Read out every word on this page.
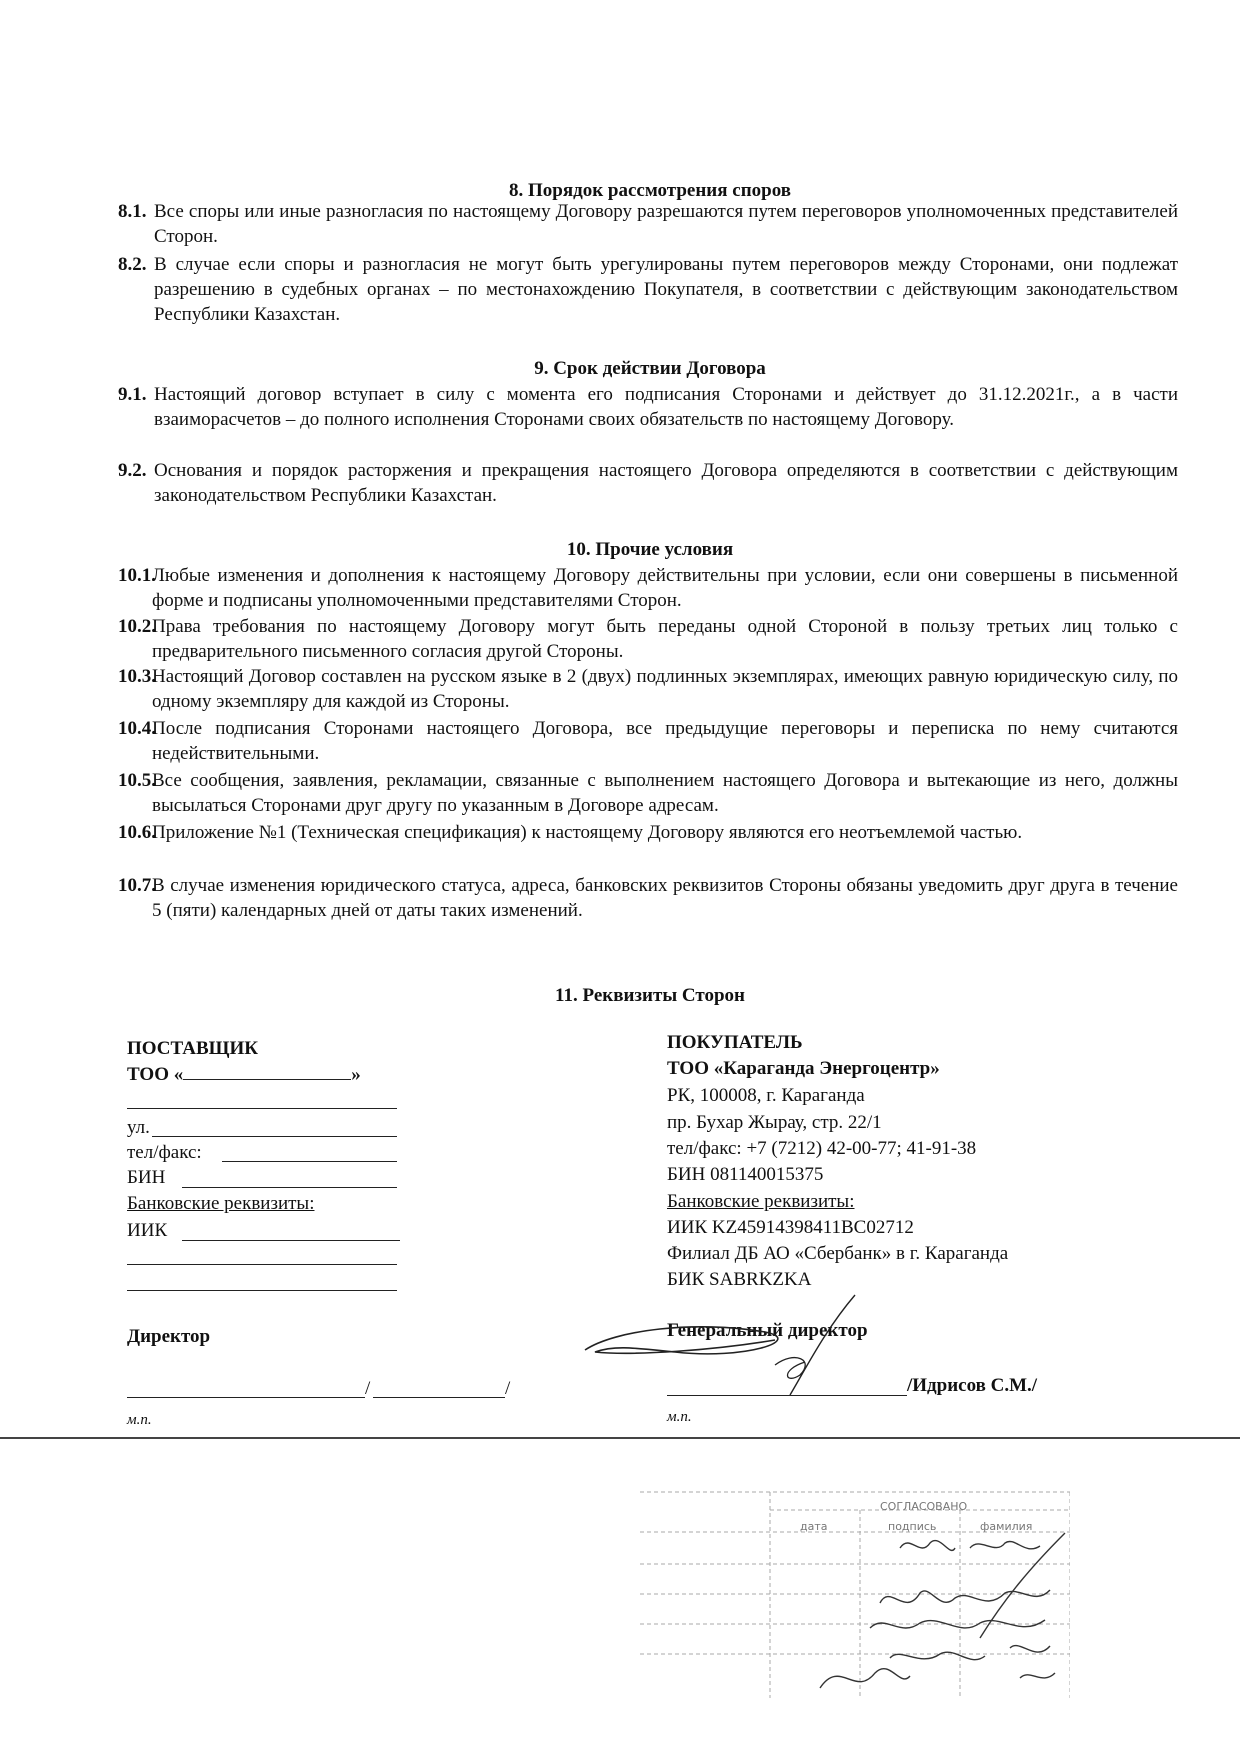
8. Порядок рассмотрения споров
8.1. Все споры или иные разногласия по настоящему Договору разрешаются путем переговоров уполномоченных представителей Сторон.
8.2. В случае если споры и разногласия не могут быть урегулированы путем переговоров между Сторонами, они подлежат разрешению в судебных органах – по местонахождению Покупателя, в соответствии с действующим законодательством Республики Казахстан.
9. Срок действии Договора
9.1. Настоящий договор вступает в силу с момента его подписания Сторонами и действует до 31.12.2021г., а в части взаиморасчетов – до полного исполнения Сторонами своих обязательств по настоящему Договору.
9.2. Основания и порядок расторжения и прекращения настоящего Договора определяются в соответствии с действующим законодательством Республики Казахстан.
10. Прочие условия
10.1.
Любые изменения и дополнения к настоящему Договору действительны при условии, если они совершены в письменной форме и подписаны уполномоченными представителями Сторон.
10.2.
Права требования по настоящему Договору могут быть переданы одной Стороной в пользу третьих лиц только с предварительного письменного согласия другой Стороны.
10.3.
Настоящий Договор составлен на русском языке в 2 (двух) подлинных экземплярах, имеющих равную юридическую силу, по одному экземпляру для каждой из Стороны.
10.4.
После подписания Сторонами настоящего Договора, все предыдущие переговоры и переписка по нему считаются недействительными.
10.5.
Все сообщения, заявления, рекламации, связанные с выполнением настоящего Договора и вытекающие из него, должны высылаться Сторонами друг другу по указанным в Договоре адресам.
10.6.
Приложение №1 (Техническая спецификация) к настоящему Договору являются его неотъемлемой частью.
10.7.
В случае изменения юридического статуса, адреса, банковских реквизитов Стороны обязаны уведомить друг друга в течение 5 (пяти) календарных дней от даты таких изменений.
11. Реквизиты Сторон
ПОСТАВЩИК
ТОО «	»
ул.
тел/факс:
БИН
Банковские реквизиты:
ИИК
Директор
/	/
м.п.
ПОКУПАТЕЛЬ
ТОО «Караганда Энергоцентр»
РК, 100008, г. Караганда
пр. Бухар Жырау, стр. 22/1
тел/факс: +7 (7212) 42-00-77; 41-91-38
БИН 081140015375
Банковские реквизиты:
ИИК KZ45914398411BC02712
Филиал ДБ АО «Сбербанк» в г. Караганда
БИК SABRKZKA
Генеральный директор
/Идрисов С.М./
м.п.
СОГЛАСОВАНО
дата	подпись	фамилия
